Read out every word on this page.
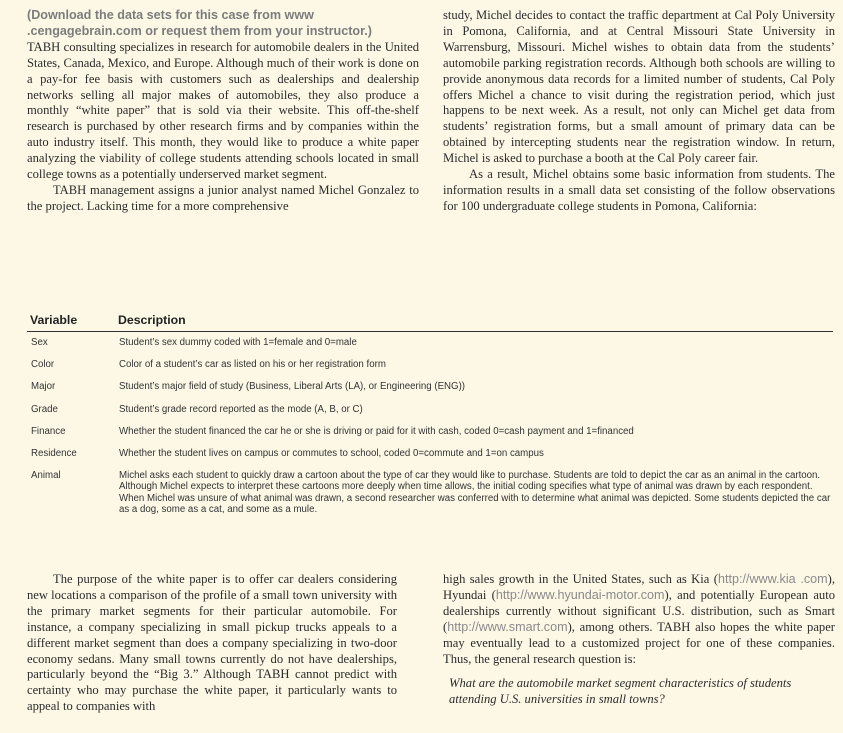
(Download the data sets for this case from www .cengagebrain.com or request them from your instructor.)

TABH consulting specializes in research for automobile dealers in the United States, Canada, Mexico, and Europe. Although much of their work is done on a pay-for fee basis with customers such as dealerships and dealership networks selling all major makes of automobiles, they also produce a monthly “white paper” that is sold via their website. This off-the-shelf research is purchased by other research firms and by companies within the auto industry itself. This month, they would like to produce a white paper analyzing the viability of college students attending schools located in small college towns as a potentially underserved market segment.

TABH management assigns a junior analyst named Michel Gonzalez to the project. Lacking time for a more comprehensive

study, Michel decides to contact the traffic department at Cal Poly University in Pomona, California, and at Central Missouri State University in Warrensburg, Missouri. Michel wishes to obtain data from the students’ automobile parking registration records. Although both schools are willing to provide anonymous data records for a limited number of students, Cal Poly offers Michel a chance to visit during the registration period, which just happens to be next week. As a result, not only can Michel get data from students’ registration forms, but a small amount of primary data can be obtained by intercepting students near the registration window. In return, Michel is asked to purchase a booth at the Cal Poly career fair.

As a result, Michel obtains some basic information from students. The information results in a small data set consisting of the follow observations for 100 undergraduate college students in Pomona, California:

Variable	Description
Sex	Student’s sex dummy coded with 1=female and 0=male
Color	Color of a student’s car as listed on his or her registration form
Major	Student’s major field of study (Business, Liberal Arts (LA), or Engineering (ENG))
Grade	Student’s grade record reported as the mode (A, B, or C)
Finance	Whether the student financed the car he or she is driving or paid for it with cash, coded 0=cash payment and 1=financed
Residence	Whether the student lives on campus or commutes to school, coded 0=commute and 1=on campus
Animal	Michel asks each student to quickly draw a cartoon about the type of car they would like to purchase. Students are told to depict the car as an animal in the cartoon. Although Michel expects to interpret these cartoons more deeply when time allows, the initial coding specifies what type of animal was drawn by each respondent. When Michel was unsure of what animal was drawn, a second researcher was conferred with to determine what animal was depicted. Some students depicted the car as a dog, some as a cat, and some as a mule.

The purpose of the white paper is to offer car dealers considering new locations a comparison of the profile of a small town university with the primary market segments for their particular automobile. For instance, a company specializing in small pickup trucks appeals to a different market segment than does a company specializing in two-door economy sedans. Many small towns currently do not have dealerships, particularly beyond the “Big 3.” Although TABH cannot predict with certainty who may purchase the white paper, it particularly wants to appeal to companies with

high sales growth in the United States, such as Kia (http://www.kia .com), Hyundai (http://www.hyundai-motor.com), and potentially European auto dealerships currently without significant U.S. distribution, such as Smart (http://www.smart.com), among others. TABH also hopes the white paper may eventually lead to a customized project for one of these companies. Thus, the general research question is:

What are the automobile market segment characteristics of students attending U.S. universities in small towns?
